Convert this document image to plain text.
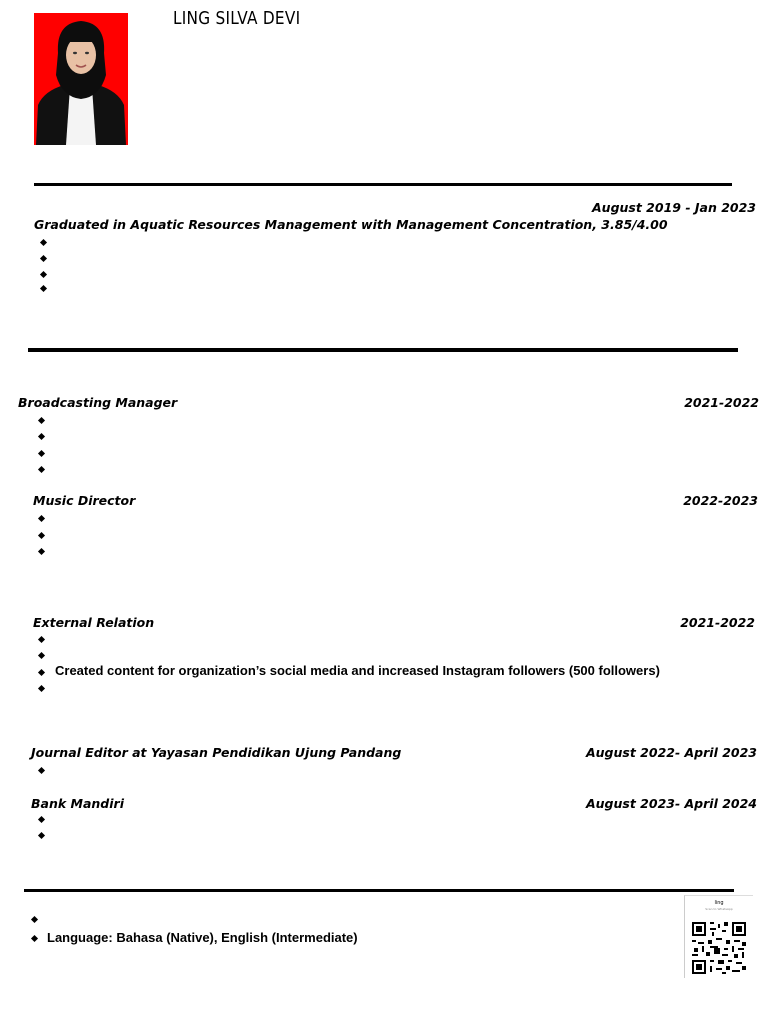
LING SILVA DEVI
August 2019 - Jan 2023
Graduated in Aquatic Resources Management with Management Concentration, 3.85/4.00
Broadcasting Manager	2021-2022
Music Director	2022-2023
External Relation	2021-2022
Created content for organization’s social media and increased Instagram followers (500 followers)
Journal Editor at Yayasan Pendidikan Ujung Pandang	August 2022- April 2023
Bank Mandiri	August 2023- April 2024
Language: Bahasa (Native), English (Intermediate)
ling
Scan to WhatsApp
